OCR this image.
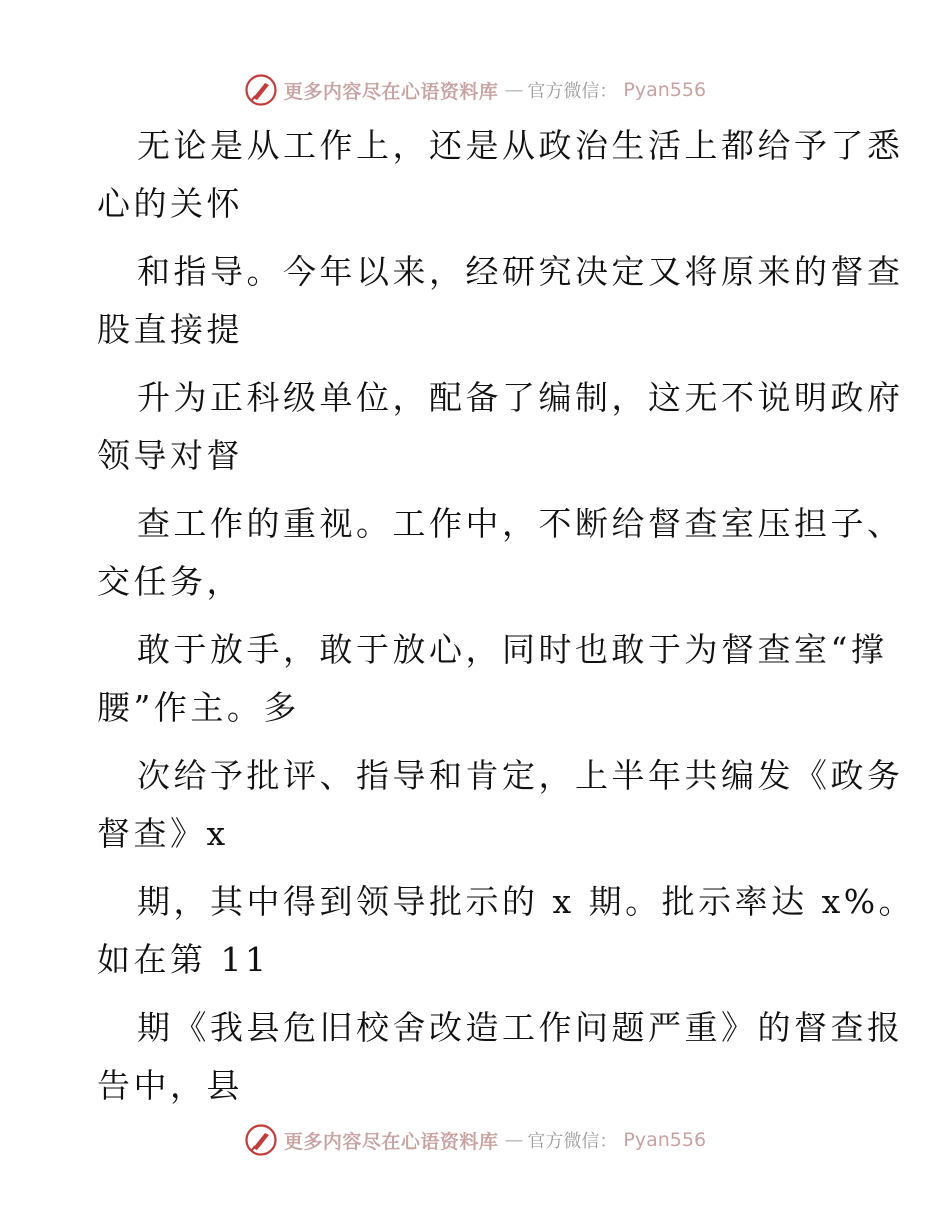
更多内容尽在心语资料库 — 官方微信： Pyan556

无论是从工作上，还是从政治生活上都给予了悉

心的关怀

和指导。今年以来，经研究决定又将原来的督查

股直接提

升为正科级单位，配备了编制，这无不说明政府

领导对督

查工作的重视。工作中，不断给督查室压担子、

交任务，

敢于放手，敢于放心，同时也敢于为督查室“撑

腰”作主。多

次给予批评、指导和肯定，上半年共编发《政务

督查》x

期，其中得到领导批示的 x 期。批示率达 x%。

如在第 11

期《我县危旧校舍改造工作问题严重》的督查报

告中，县

更多内容尽在心语资料库 — 官方微信： Pyan556
